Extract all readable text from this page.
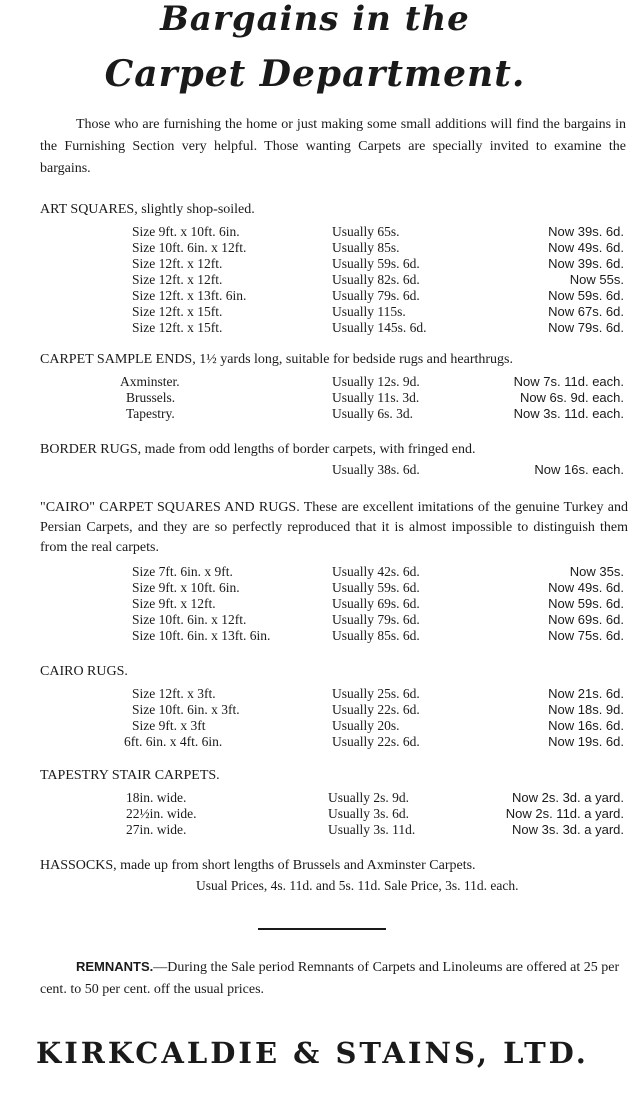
Bargains in the
Carpet Department.

Those who are furnishing the home or just making some small additions will find the bargains in the Furnishing Section very helpful. Those wanting Carpets are specially invited to examine the bargains.

ART SQUARES, slightly shop-soiled.

Size 9ft. x 10ft. 6in.	Usually 65s.	Now 39s. 6d.
Size 10ft. 6in. x 12ft.	Usually 85s.	Now 49s. 6d.
Size 12ft. x 12ft.	Usually 59s. 6d.	Now 39s. 6d.
Size 12ft. x 12ft.	Usually 82s. 6d.	Now 55s.
Size 12ft. x 13ft. 6in.	Usually 79s. 6d.	Now 59s. 6d.
Size 12ft. x 15ft.	Usually 115s.	Now 67s. 6d.
Size 12ft. x 15ft.	Usually 145s. 6d.	Now 79s. 6d.

CARPET SAMPLE ENDS, 1½ yards long, suitable for bedside rugs and hearthrugs.

Axminster.	Usually 12s. 9d.	Now 7s. 11d. each.
Brussels.	Usually 11s. 3d.	Now 6s. 9d. each.
Tapestry.	Usually 6s. 3d.	Now 3s. 11d. each.

BORDER RUGS, made from odd lengths of border carpets, with fringed end.

Usually 38s. 6d.	Now 16s. each.

"CAIRO" CARPET SQUARES AND RUGS. These are excellent imitations of the genuine Turkey and Persian Carpets, and they are so perfectly reproduced that it is almost impossible to distinguish them from the real carpets.

Size 7ft. 6in. x 9ft.	Usually 42s. 6d.	Now 35s.
Size 9ft. x 10ft. 6in.	Usually 59s. 6d.	Now 49s. 6d.
Size 9ft. x 12ft.	Usually 69s. 6d.	Now 59s. 6d.
Size 10ft. 6in. x 12ft.	Usually 79s. 6d.	Now 69s. 6d.
Size 10ft. 6in. x 13ft. 6in.	Usually 85s. 6d.	Now 75s. 6d.

CAIRO RUGS.

Size 12ft. x 3ft.	Usually 25s. 6d.	Now 21s. 6d.
Size 10ft. 6in. x 3ft.	Usually 22s. 6d.	Now 18s. 9d.
Size 9ft. x 3ft	Usually 20s.	Now 16s. 6d.
6ft. 6in. x 4ft. 6in.	Usually 22s. 6d.	Now 19s. 6d.

TAPESTRY STAIR CARPETS.

18in. wide.	Usually 2s. 9d.	Now 2s. 3d. a yard.
22½in. wide.	Usually 3s. 6d.	Now 2s. 11d. a yard.
27in. wide.	Usually 3s. 11d.	Now 3s. 3d. a yard.

HASSOCKS, made up from short lengths of Brussels and Axminster Carpets.

Usual Prices, 4s. 11d. and 5s. 11d. Sale Price, 3s. 11d. each.

REMNANTS.—During the Sale period Remnants of Carpets and Linoleums are offered at 25 per cent. to 50 per cent. off the usual prices.

KIRKCALDIE & STAINS, LTD.
